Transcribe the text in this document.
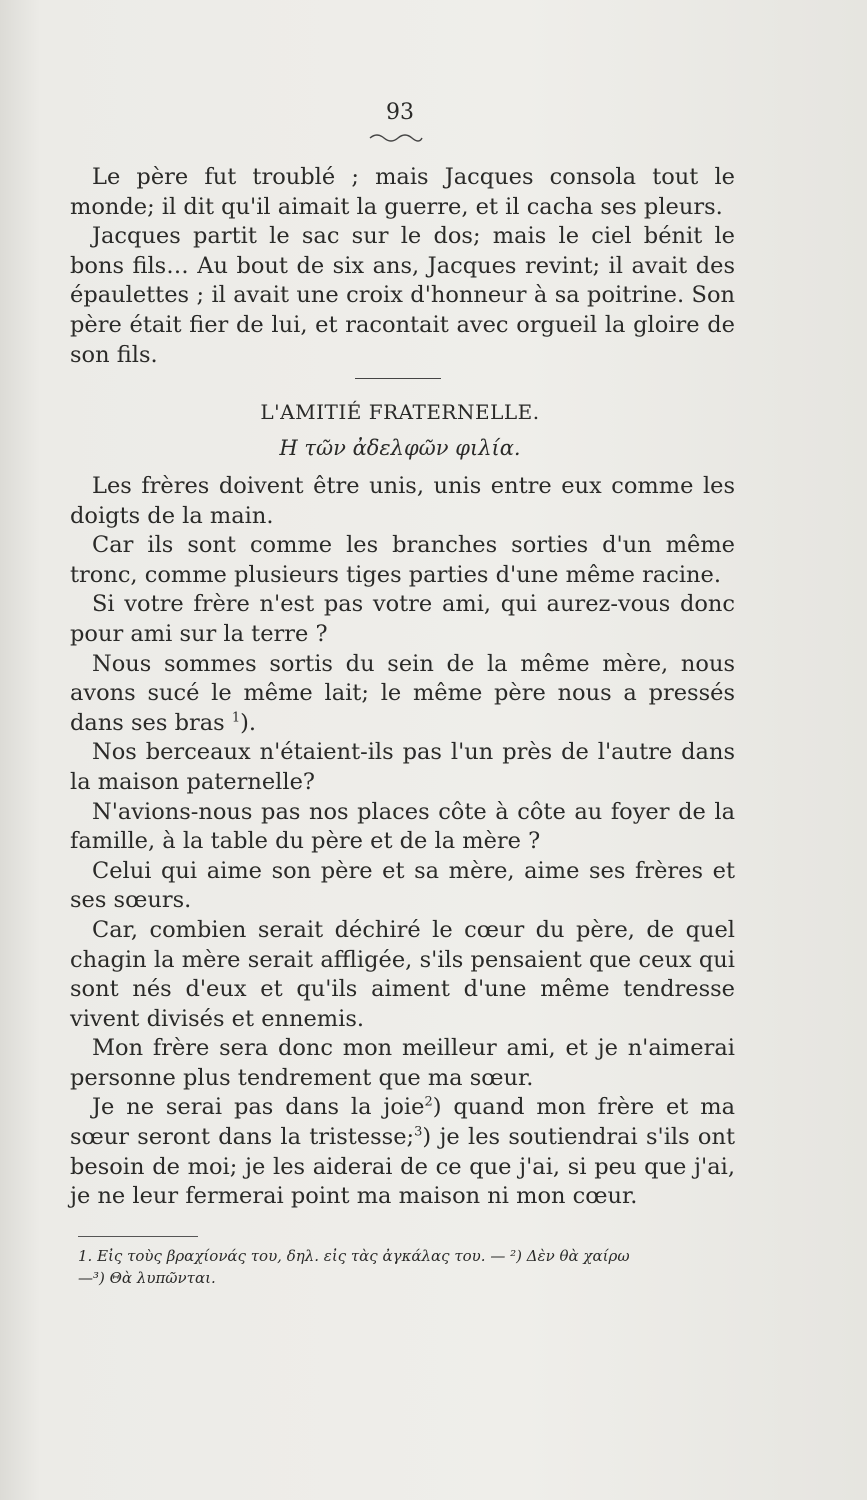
93

Le père fut troublé ; mais Jacques consola tout le monde; il dit qu'il aimait la guerre, et il cacha ses pleurs.

Jacques partit le sac sur le dos; mais le ciel bénit le bons fils… Au bout de six ans, Jacques revint; il avait des épaulettes ; il avait une croix d'honneur à sa poitrine. Son père était fier de lui, et racontait avec orgueil la gloire de son fils.

L'AMITIÉ FRATERNELLE.
Η τῶν ἀδελφῶν φιλία.

Les frères doivent être unis, unis entre eux comme les doigts de la main.

Car ils sont comme les branches sorties d'un même tronc, comme plusieurs tiges parties d'une même racine.

Si votre frère n'est pas votre ami, qui aurez-vous donc pour ami sur la terre ?

Nous sommes sortis du sein de la même mère, nous avons sucé le même lait; le même père nous a pressés dans ses bras $^1$).

Nos berceaux n'étaient-ils pas l'un près de l'autre dans la maison paternelle?

N'avions-nous pas nos places côte à côte au foyer de la famille, à la table du père et de la mère ?

Celui qui aime son père et sa mère, aime ses frères et ses sœurs.

Car, combien serait déchiré le cœur du père, de quel chagin la mère serait affligée, s'ils pensaient que ceux qui sont nés d'eux et qu'ils aiment d'une même tendresse vivent divisés et ennemis.

Mon frère sera donc mon meilleur ami, et je n'aimerai personne plus tendrement que ma sœur.

Je ne serai pas dans la joie$^2$) quand mon frère et ma sœur seront dans la tristesse;$^3$) je les soutiendrai s'ils ont besoin de moi; je les aiderai de ce que j'ai, si peu que j'ai, je ne leur fermerai point ma maison ni mon cœur.

1. Εἰς τοὺς βραχίονάς του, δηλ. εἰς τὰς ἀγκάλας του. — ²) Δὲν θὰ χαίρω
—³) Θὰ λυπῶνται.
